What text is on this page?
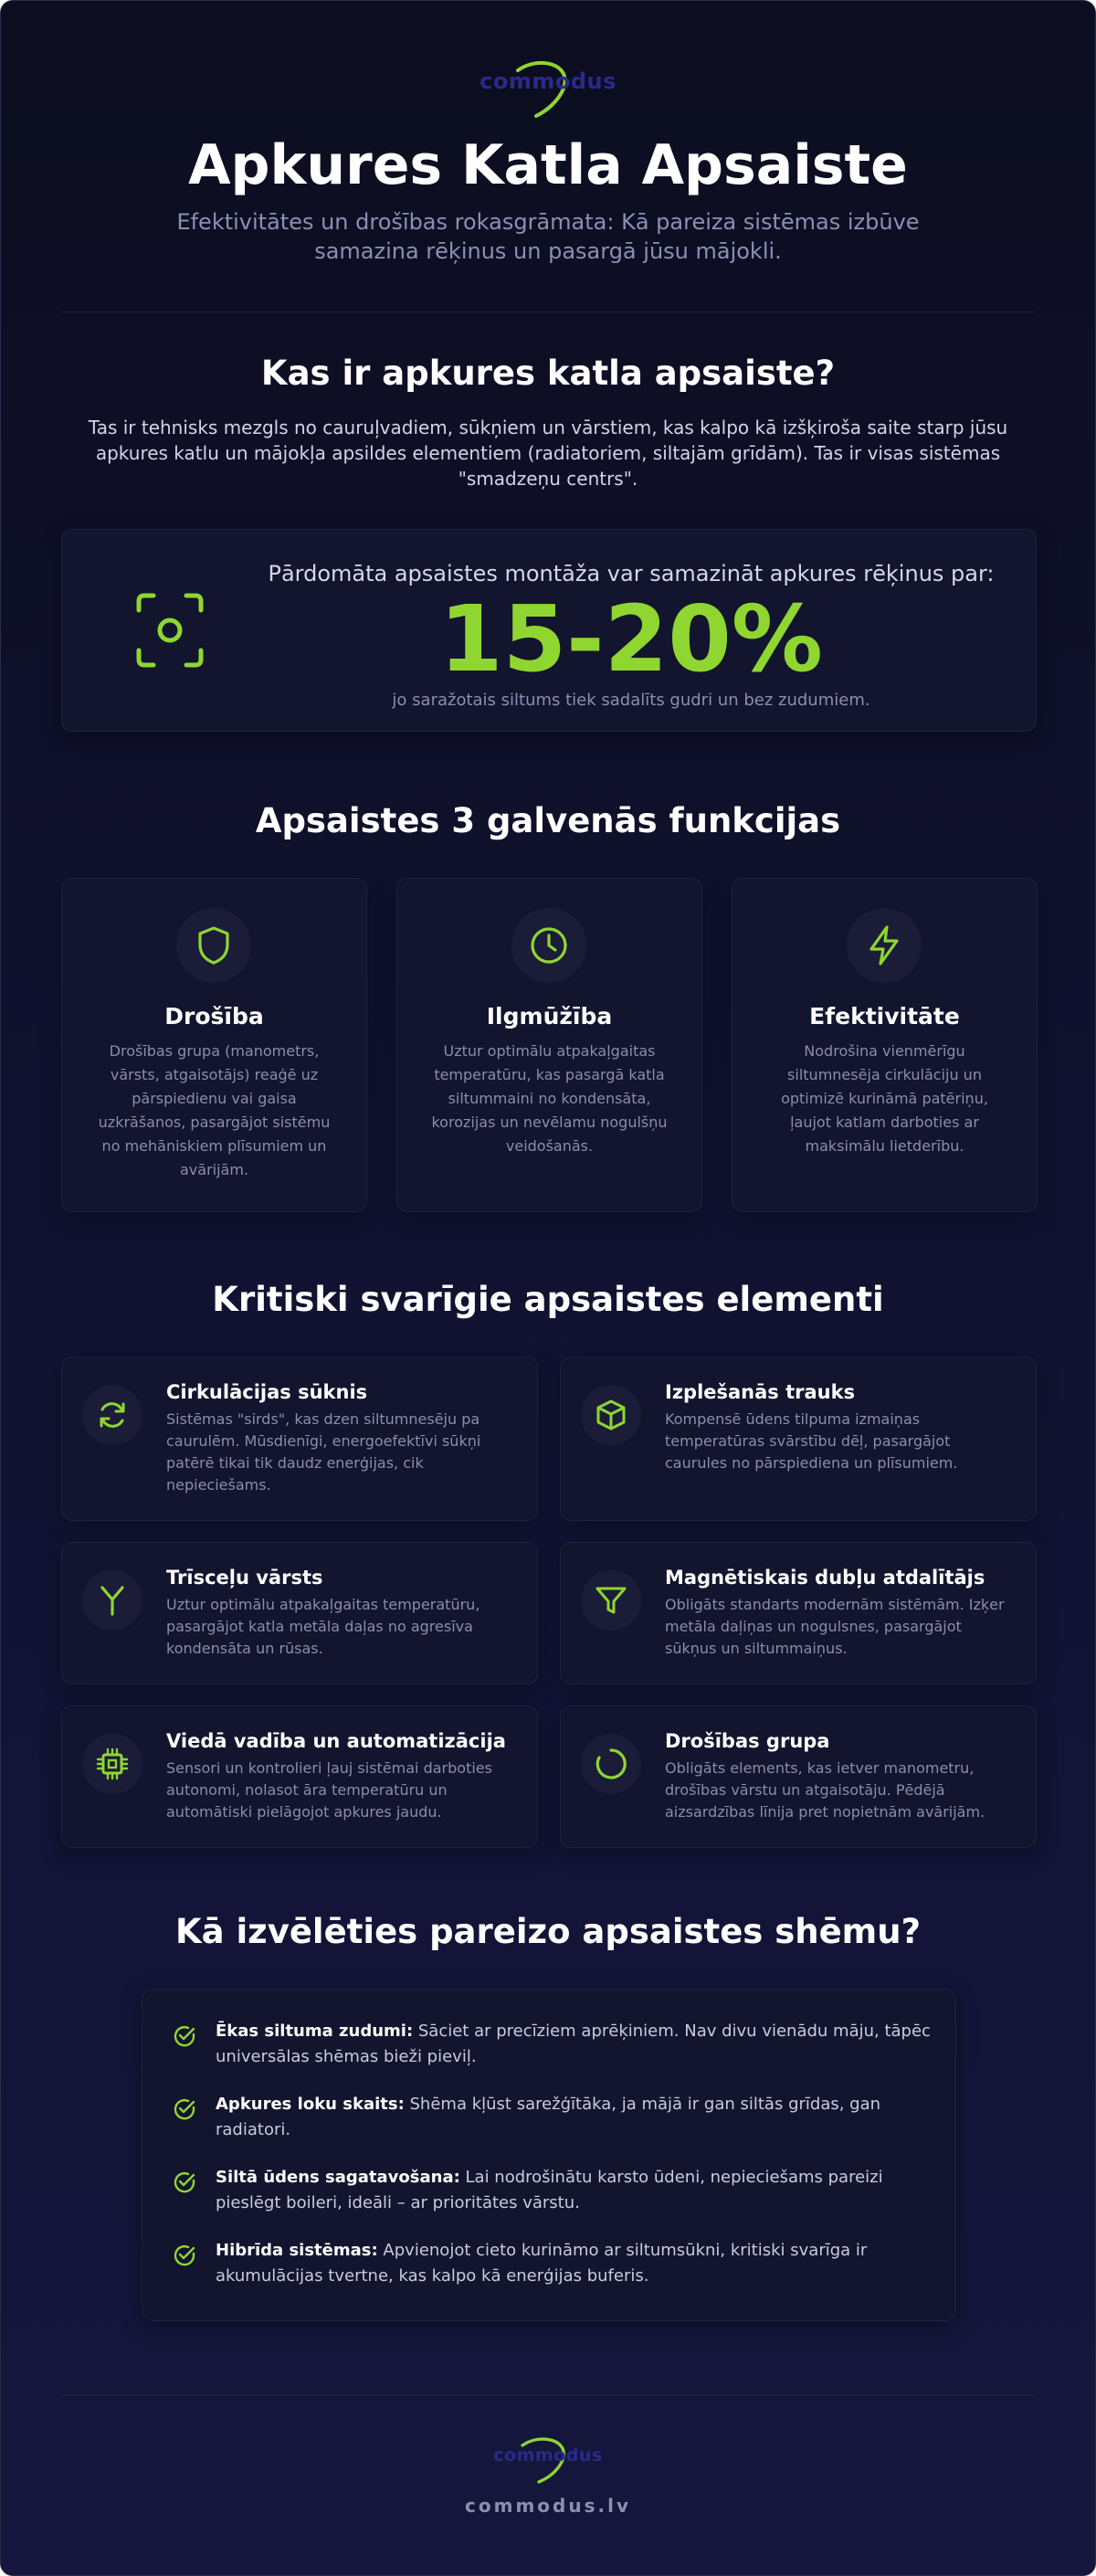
commodus
Apkures Katla Apsaiste
Efektivitātes un drošības rokasgrāmata: Kā pareiza sistēmas izbūve
samazina rēķinus un pasargā jūsu mājokli.
Kas ir apkures katla apsaiste?
Tas ir tehnisks mezgls no cauruļvadiem, sūkņiem un vārstiem, kas kalpo kā izšķiroša saite starp jūsu
apkures katlu un mājokļa apsildes elementiem (radiatoriem, siltajām grīdām). Tas ir visas sistēmas
"smadzeņu centrs".
Pārdomāta apsaistes montāža var samazināt apkures rēķinus par:
15-20%
jo saražotais siltums tiek sadalīts gudri un bez zudumiem.
Apsaistes 3 galvenās funkcijas
Drošība
Drošības grupa (manometrs,
vārsts, atgaisotājs) reaģē uz
pārspiedienu vai gaisa
uzkrāšanos, pasargājot sistēmu
no mehāniskiem plīsumiem un
avārijām.
Ilgmūžība
Uztur optimālu atpakaļgaitas
temperatūru, kas pasargā katla
siltummaini no kondensāta,
korozijas un nevēlamu nogulšņu
veidošanās.
Efektivitāte
Nodrošina vienmērīgu
siltumnesēja cirkulāciju un
optimizē kurināmā patēriņu,
ļaujot katlam darboties ar
maksimālu lietderību.
Kritiski svarīgie apsaistes elementi
Cirkulācijas sūknis
Sistēmas "sirds", kas dzen siltumnesēju pa
caurulēm. Mūsdienīgi, energoefektīvi sūkņi
patērē tikai tik daudz enerģijas, cik
nepieciešams.
Izplešanās trauks
Kompensē ūdens tilpuma izmaiņas
temperatūras svārstību dēļ, pasargājot
caurules no pārspiediena un plīsumiem.
Trīsceļu vārsts
Uztur optimālu atpakaļgaitas temperatūru,
pasargājot katla metāla daļas no agresīva
kondensāta un rūsas.
Magnētiskais dubļu atdalītājs
Obligāts standarts modernām sistēmām. Izķer
metāla daļiņas un nogulsnes, pasargājot
sūkņus un siltummaiņus.
Viedā vadība un automatizācija
Sensori un kontrolieri ļauj sistēmai darboties
autonomi, nolasot āra temperatūru un
automātiski pielāgojot apkures jaudu.
Drošības grupa
Obligāts elements, kas ietver manometru,
drošības vārstu un atgaisotāju. Pēdējā
aizsardzības līnija pret nopietnām avārijām.
Kā izvēlēties pareizo apsaistes shēmu?
Ēkas siltuma zudumi: Sāciet ar precīziem aprēķiniem. Nav divu vienādu māju, tāpēc
universālas shēmas bieži pieviļ.
Apkures loku skaits: Shēma kļūst sarežģītāka, ja mājā ir gan siltās grīdas, gan
radiatori.
Siltā ūdens sagatavošana: Lai nodrošinātu karsto ūdeni, nepieciešams pareizi
pieslēgt boileri, ideāli – ar prioritātes vārstu.
Hibrīda sistēmas: Apvienojot cieto kurināmo ar siltumsūkni, kritiski svarīga ir
akumulācijas tvertne, kas kalpo kā enerģijas buferis.
commodus
commodus.lv
